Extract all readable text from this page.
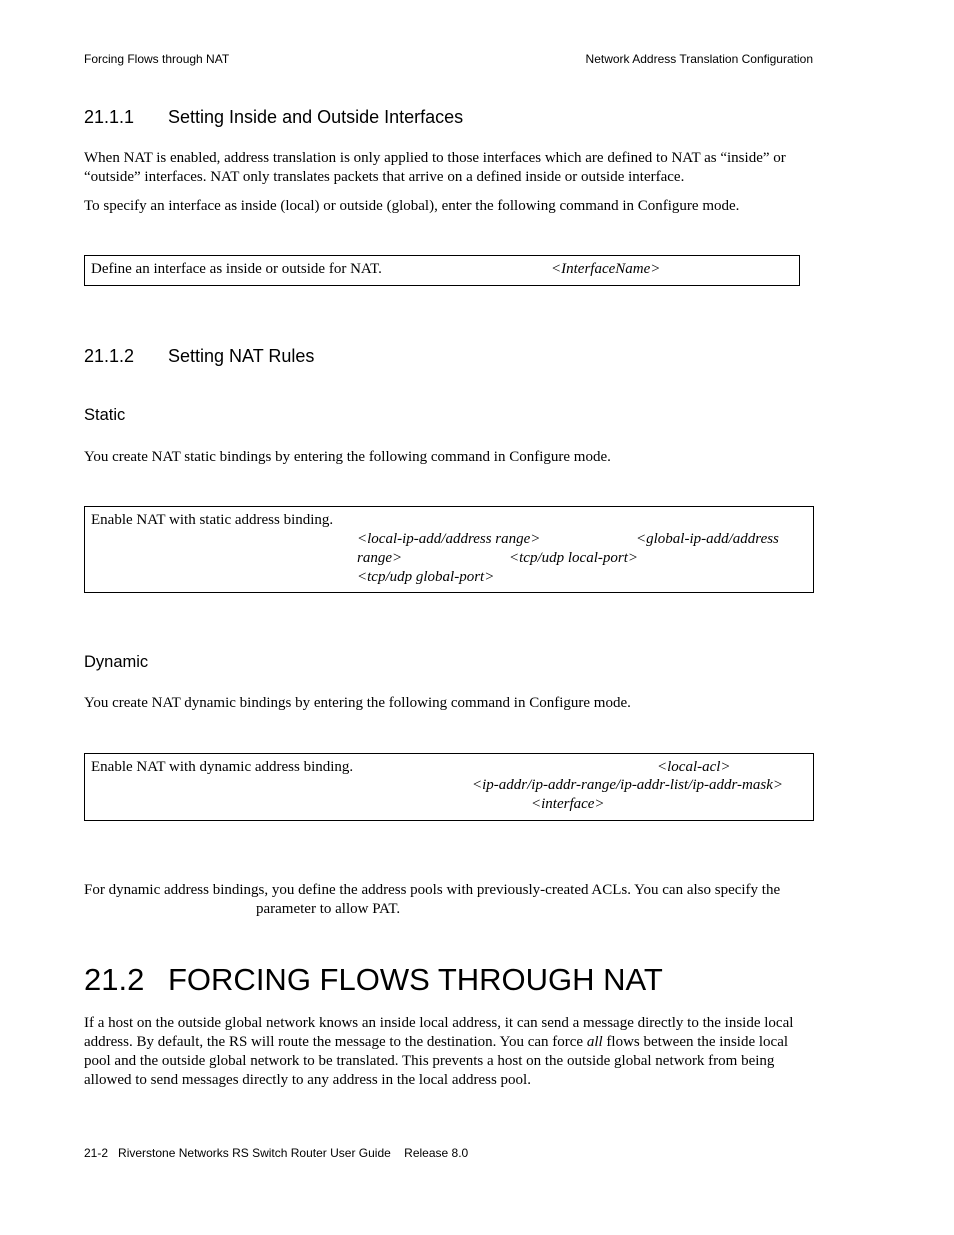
Forcing Flows through NAT	Network Address Translation Configuration
21.1.1 Setting Inside and Outside Interfaces
When NAT is enabled, address translation is only applied to those interfaces which are defined to NAT as “inside” or “outside” interfaces. NAT only translates packets that arrive on a defined inside or outside interface.
To specify an interface as inside (local) or outside (global), enter the following command in Configure mode.
Define an interface as inside or outside for NAT.	<InterfaceName>
21.1.2 Setting NAT Rules
Static
You create NAT static bindings by entering the following command in Configure mode.
Enable NAT with static address binding.
<local-ip-add/address range>	<global-ip-add/address
range>	<tcp/udp local-port>
<tcp/udp global-port>
Dynamic
You create NAT dynamic bindings by entering the following command in Configure mode.
Enable NAT with dynamic address binding.	<local-acl>
<ip-addr/ip-addr-range/ip-addr-list/ip-addr-mask>
<interface>
For dynamic address bindings, you define the address pools with previously-created ACLs. You can also specify the
parameter to allow PAT.
21.2 FORCING FLOWS THROUGH NAT
If a host on the outside global network knows an inside local address, it can send a message directly to the inside local address. By default, the RS will route the message to the destination. You can force all flows between the inside local pool and the outside global network to be translated. This prevents a host on the outside global network from being allowed to send messages directly to any address in the local address pool.
21-2 Riverstone Networks RS Switch Router User Guide Release 8.0
